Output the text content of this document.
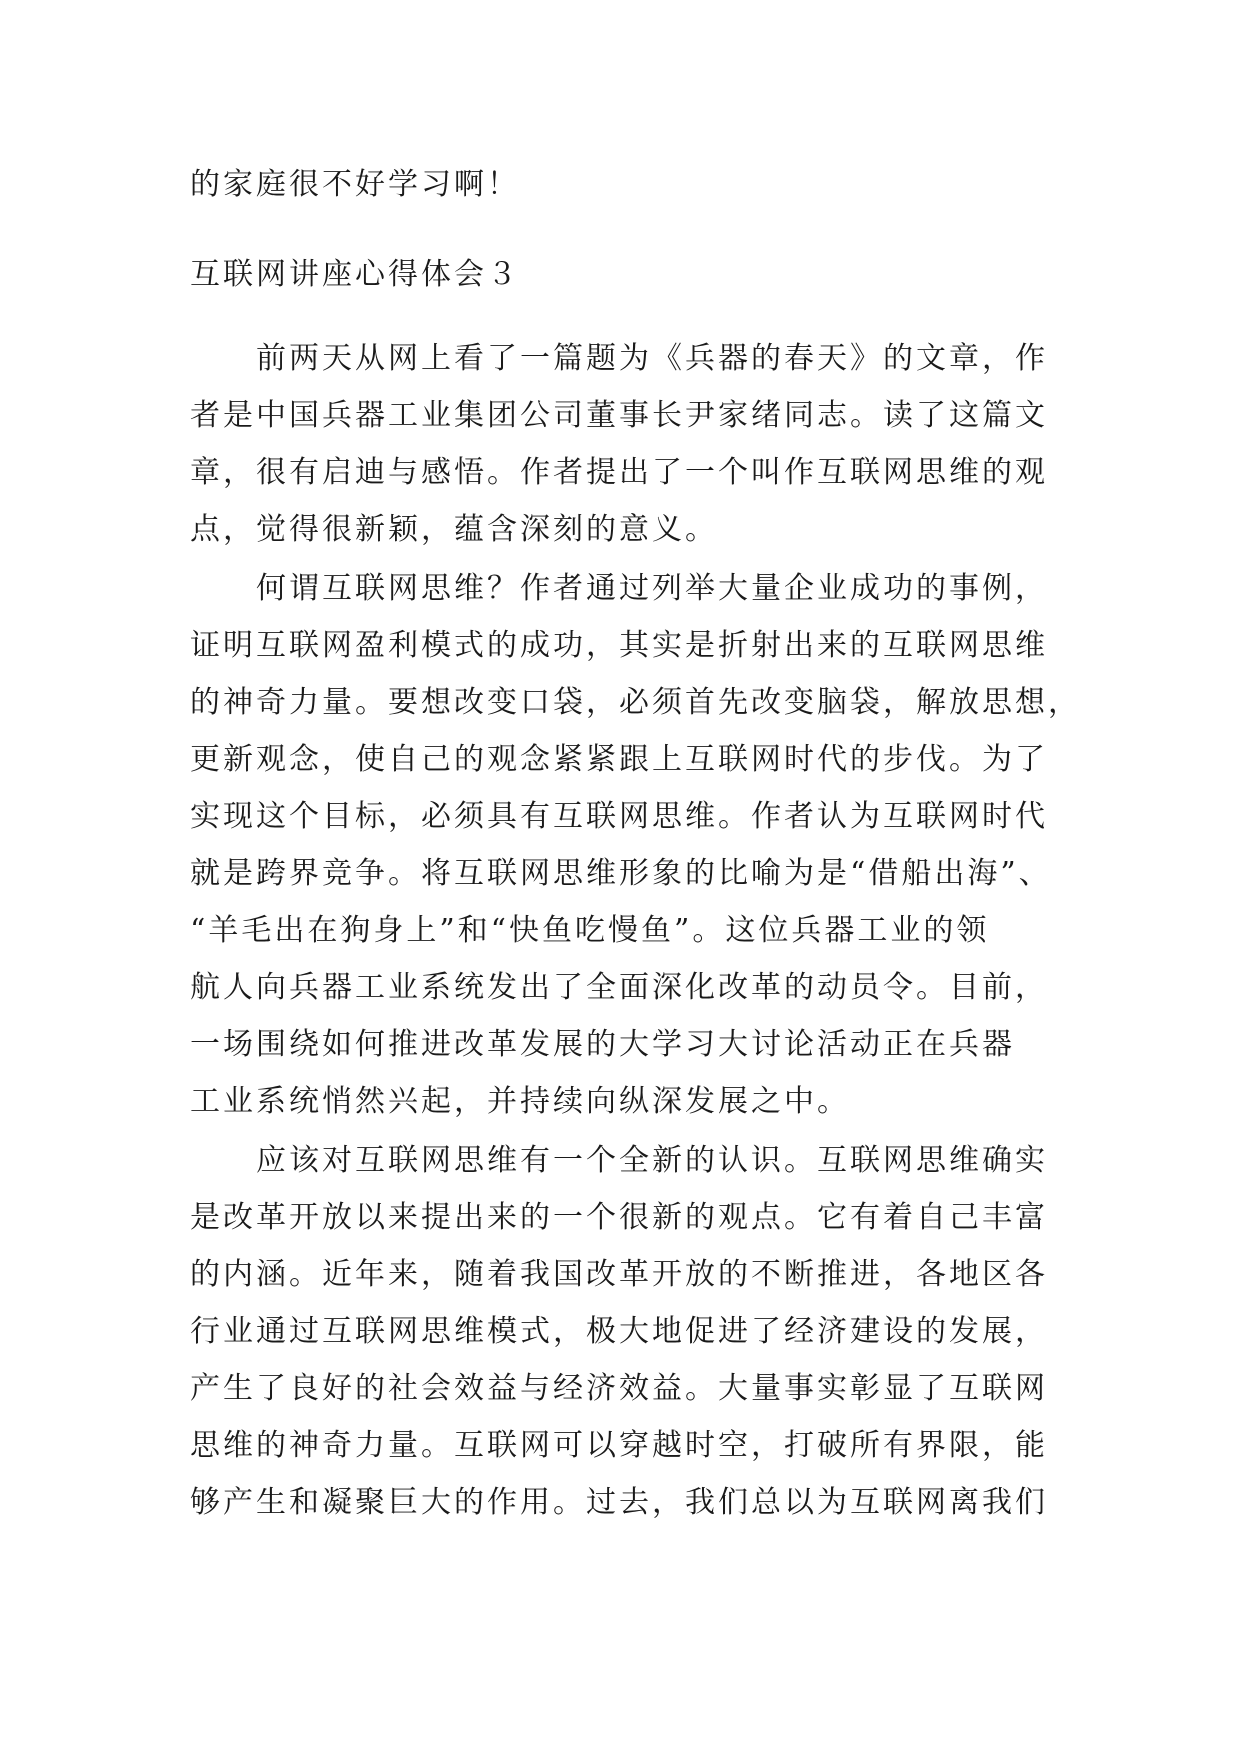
的家庭很不好学习啊！
互联网讲座心得体会３
前两天从网上看了一篇题为《兵器的春天》的文章，作
者是中国兵器工业集团公司董事长尹家绪同志。读了这篇文
章，很有启迪与感悟。作者提出了一个叫作互联网思维的观
点，觉得很新颖，蕴含深刻的意义。
何谓互联网思维？作者通过列举大量企业成功的事例，
证明互联网盈利模式的成功，其实是折射出来的互联网思维
的神奇力量。要想改变口袋，必须首先改变脑袋，解放思想，
更新观念，使自己的观念紧紧跟上互联网时代的步伐。为了
实现这个目标，必须具有互联网思维。作者认为互联网时代
就是跨界竞争。将互联网思维形象的比喻为是“借船出海”、
“羊毛出在狗身上”和“快鱼吃慢鱼”。这位兵器工业的领
航人向兵器工业系统发出了全面深化改革的动员令。目前，
一场围绕如何推进改革发展的大学习大讨论活动正在兵器
工业系统悄然兴起，并持续向纵深发展之中。
应该对互联网思维有一个全新的认识。互联网思维确实
是改革开放以来提出来的一个很新的观点。它有着自己丰富
的内涵。近年来，随着我国改革开放的不断推进，各地区各
行业通过互联网思维模式，极大地促进了经济建设的发展，
产生了良好的社会效益与经济效益。大量事实彰显了互联网
思维的神奇力量。互联网可以穿越时空，打破所有界限，能
够产生和凝聚巨大的作用。过去，我们总以为互联网离我们
